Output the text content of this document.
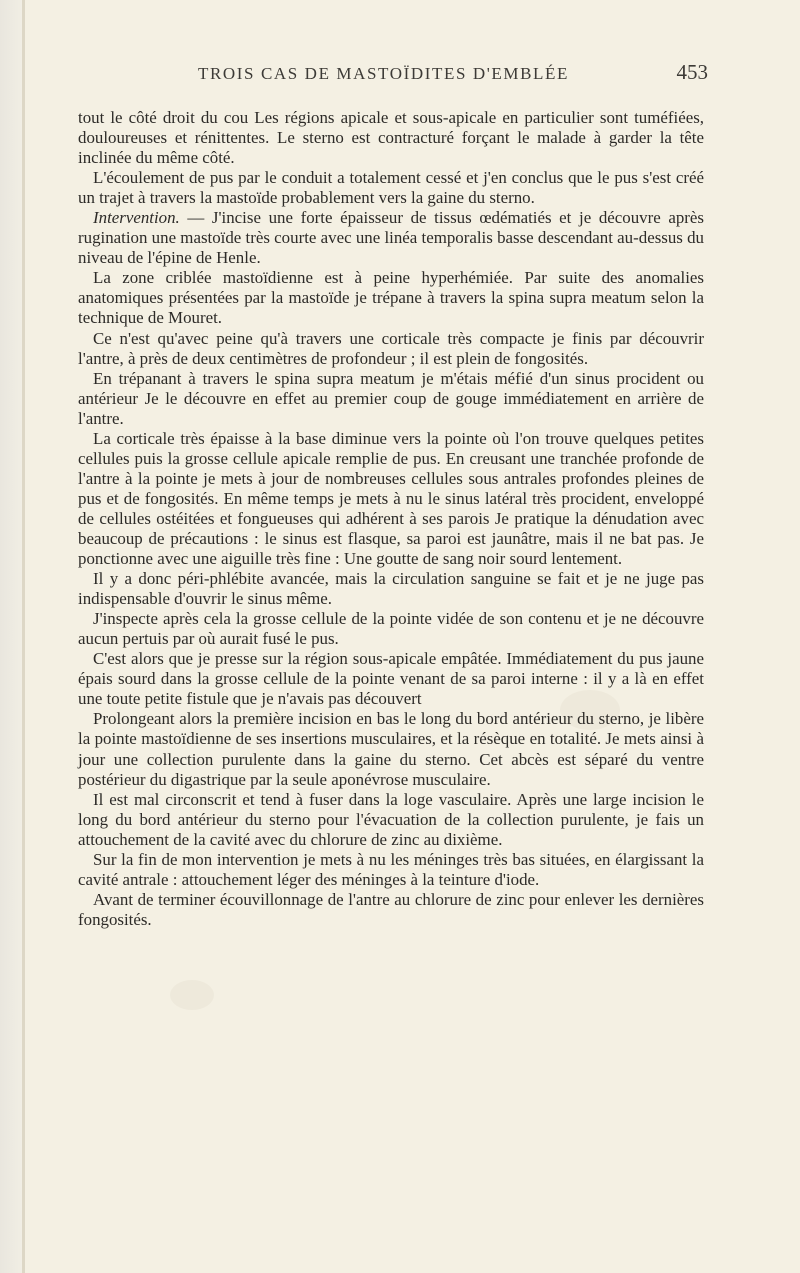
TROIS CAS DE MASTOÏDITES D'EMBLÉE	453

tout le côté droit du cou Les régions apicale et sous-apicale en particulier sont tuméfiées, douloureuses et rénittentes. Le sterno est contracturé forçant le malade à garder la tête inclinée du même côté.

L'écoulement de pus par le conduit a totalement cessé et j'en conclus que le pus s'est créé un trajet à travers la mastoïde probablement vers la gaine du sterno.

Intervention. — J'incise une forte épaisseur de tissus œdématiés et je découvre après rugination une mastoïde très courte avec une linéa temporalis basse descendant au-dessus du niveau de l'épine de Henle.

La zone criblée mastoïdienne est à peine hyperhémiée. Par suite des anomalies anatomiques présentées par la mastoïde je trépane à travers la spina supra meatum selon la technique de Mouret.

Ce n'est qu'avec peine qu'à travers une corticale très compacte je finis par découvrir l'antre, à près de deux centimètres de profondeur ; il est plein de fongosités.

En trépanant à travers le spina supra meatum je m'étais méfié d'un sinus procident ou antérieur Je le découvre en effet au premier coup de gouge immédiatement en arrière de l'antre.

La corticale très épaisse à la base diminue vers la pointe où l'on trouve quelques petites cellules puis la grosse cellule apicale remplie de pus. En creusant une tranchée profonde de l'antre à la pointe je mets à jour de nombreuses cellules sous antrales profondes pleines de pus et de fongosités. En même temps je mets à nu le sinus latéral très procident, enveloppé de cellules ostéitées et fongueuses qui adhérent à ses parois Je pratique la dénudation avec beaucoup de précautions : le sinus est flasque, sa paroi est jaunâtre, mais il ne bat pas. Je ponctionne avec une aiguille très fine : Une goutte de sang noir sourd lentement.

Il y a donc péri-phlébite avancée, mais la circulation sanguine se fait et je ne juge pas indispensable d'ouvrir le sinus même.

J'inspecte après cela la grosse cellule de la pointe vidée de son contenu et je ne découvre aucun pertuis par où aurait fusé le pus.

C'est alors que je presse sur la région sous-apicale empâtée. Immédiatement du pus jaune épais sourd dans la grosse cellule de la pointe venant de sa paroi interne : il y a là en effet une toute petite fistule que je n'avais pas découvert

Prolongeant alors la première incision en bas le long du bord antérieur du sterno, je libère la pointe mastoïdienne de ses insertions musculaires, et la résèque en totalité. Je mets ainsi à jour une collection purulente dans la gaine du sterno. Cet abcès est séparé du ventre postérieur du digastrique par la seule aponévrose musculaire.

Il est mal circonscrit et tend à fuser dans la loge vasculaire. Après une large incision le long du bord antérieur du sterno pour l'évacuation de la collection purulente, je fais un attouchement de la cavité avec du chlorure de zinc au dixième.

Sur la fin de mon intervention je mets à nu les méninges très bas situées, en élargissant la cavité antrale : attouchement léger des méninges à la teinture d'iode.

Avant de terminer écouvillonnage de l'antre au chlorure de zinc pour enlever les dernières fongosités.
